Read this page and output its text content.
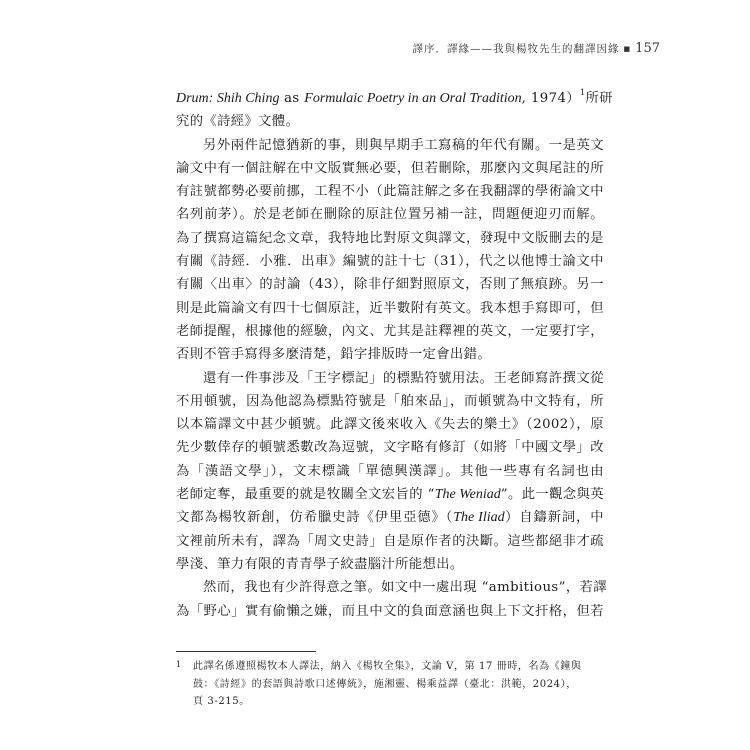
譯序．譯緣——我與楊牧先生的翻譯因緣 ■ 157
Drum: Shih Ching as Formulaic Poetry in an Oral Tradition, 1974）$^1$所研
究的《詩經》文體。
另外兩件記憶猶新的事，則與早期手工寫稿的年代有關。一是英文
論文中有一個註解在中文版實無必要，但若刪除，那麼內文與尾註的所
有註號都勢必要前挪，工程不小（此篇註解之多在我翻譯的學術論文中
名列前茅）。於是老師在刪除的原註位置另補一註，問題便迎刃而解。
為了撰寫這篇紀念文章，我特地比對原文與譯文，發現中文版刪去的是
有關《詩經．小雅．出車》編號的註十七（31），代之以他博士論文中
有關〈出車〉的討論（43），除非仔細對照原文，否則了無痕跡。另一
則是此篇論文有四十七個原註，近半數附有英文。我本想手寫即可，但
老師提醒，根據他的經驗，內文、尤其是註釋裡的英文，一定要打字，
否則不管手寫得多麼清楚，鉛字排版時一定會出錯。
還有一件事涉及「王字標記」的標點符號用法。王老師寫許撰文從
不用頓號，因為他認為標點符號是「舶來品」，而頓號為中文特有，所
以本篇譯文中甚少頓號。此譯文後來收入《失去的樂土》（2002），原
先少數倖存的頓號悉數改為逗號，文字略有修訂（如將「中國文學」改
為「漢語文學」），文末標識「單德興漢譯」。其他一些專有名詞也由
老師定奪，最重要的就是牧關全文宏旨的 “The Weniad”。此一觀念與英
文都為楊牧新創，仿希臘史詩《伊里亞德》（The Iliad）自鑄新詞，中
文裡前所未有，譯為「周文史詩」自是原作者的決斷。這些都絕非才疏
學淺、筆力有限的青青學子絞盡腦汁所能想出。
然而，我也有少許得意之筆。如文中一處出現 “ambitious”，若譯
為「野心」實有偷懶之嫌，而且中文的負面意涵也與上下文扞格，但若
1	此譯名係遵照楊牧本人譯法，納入《楊牧全集》，文論 V，第 17 冊時，名為《鐘與
鼓：《詩經》的套語與詩歌口述傳統》，施湘靈、楊乘益譯（臺北：洪範，2024），
頁 3-215。
